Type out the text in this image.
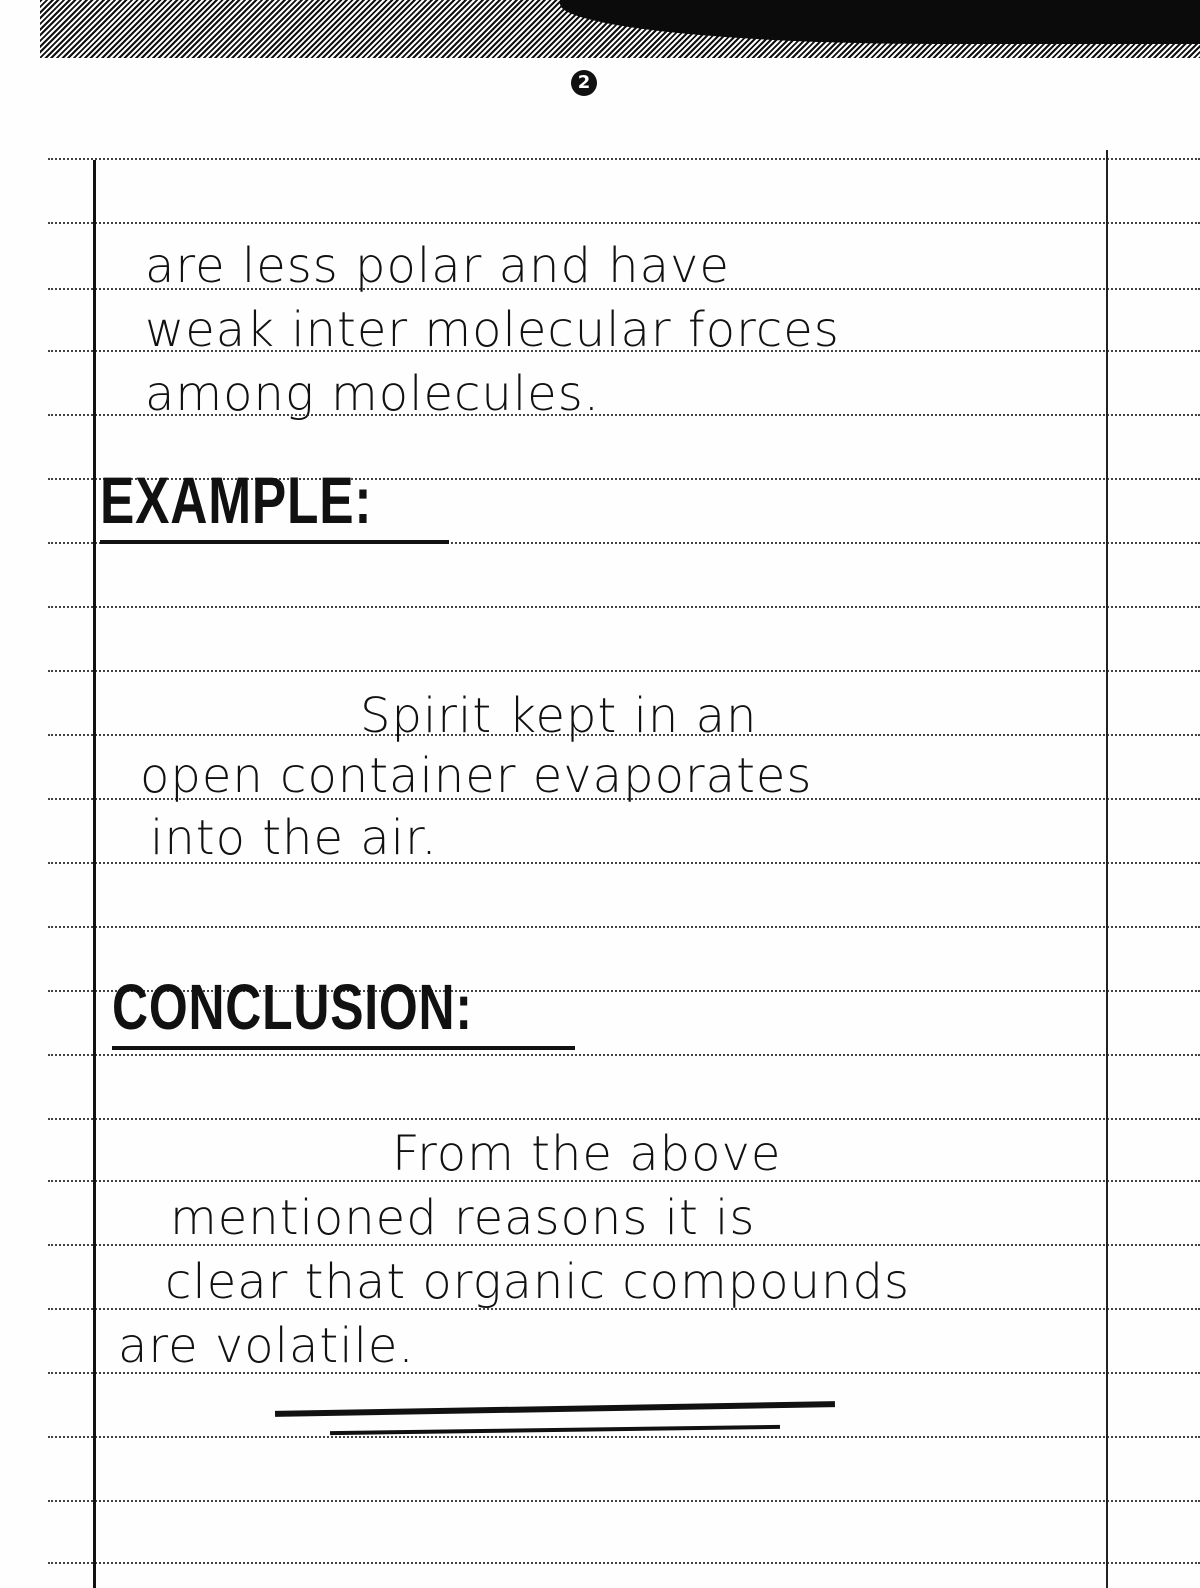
2

are less polar and have

weak inter molecular forces

among molecules.

EXAMPLE:

Spirit kept in an

open container evaporates

into the air.

CONCLUSION:

From the above

mentioned reasons it is

clear that organic compounds

are volatile.
